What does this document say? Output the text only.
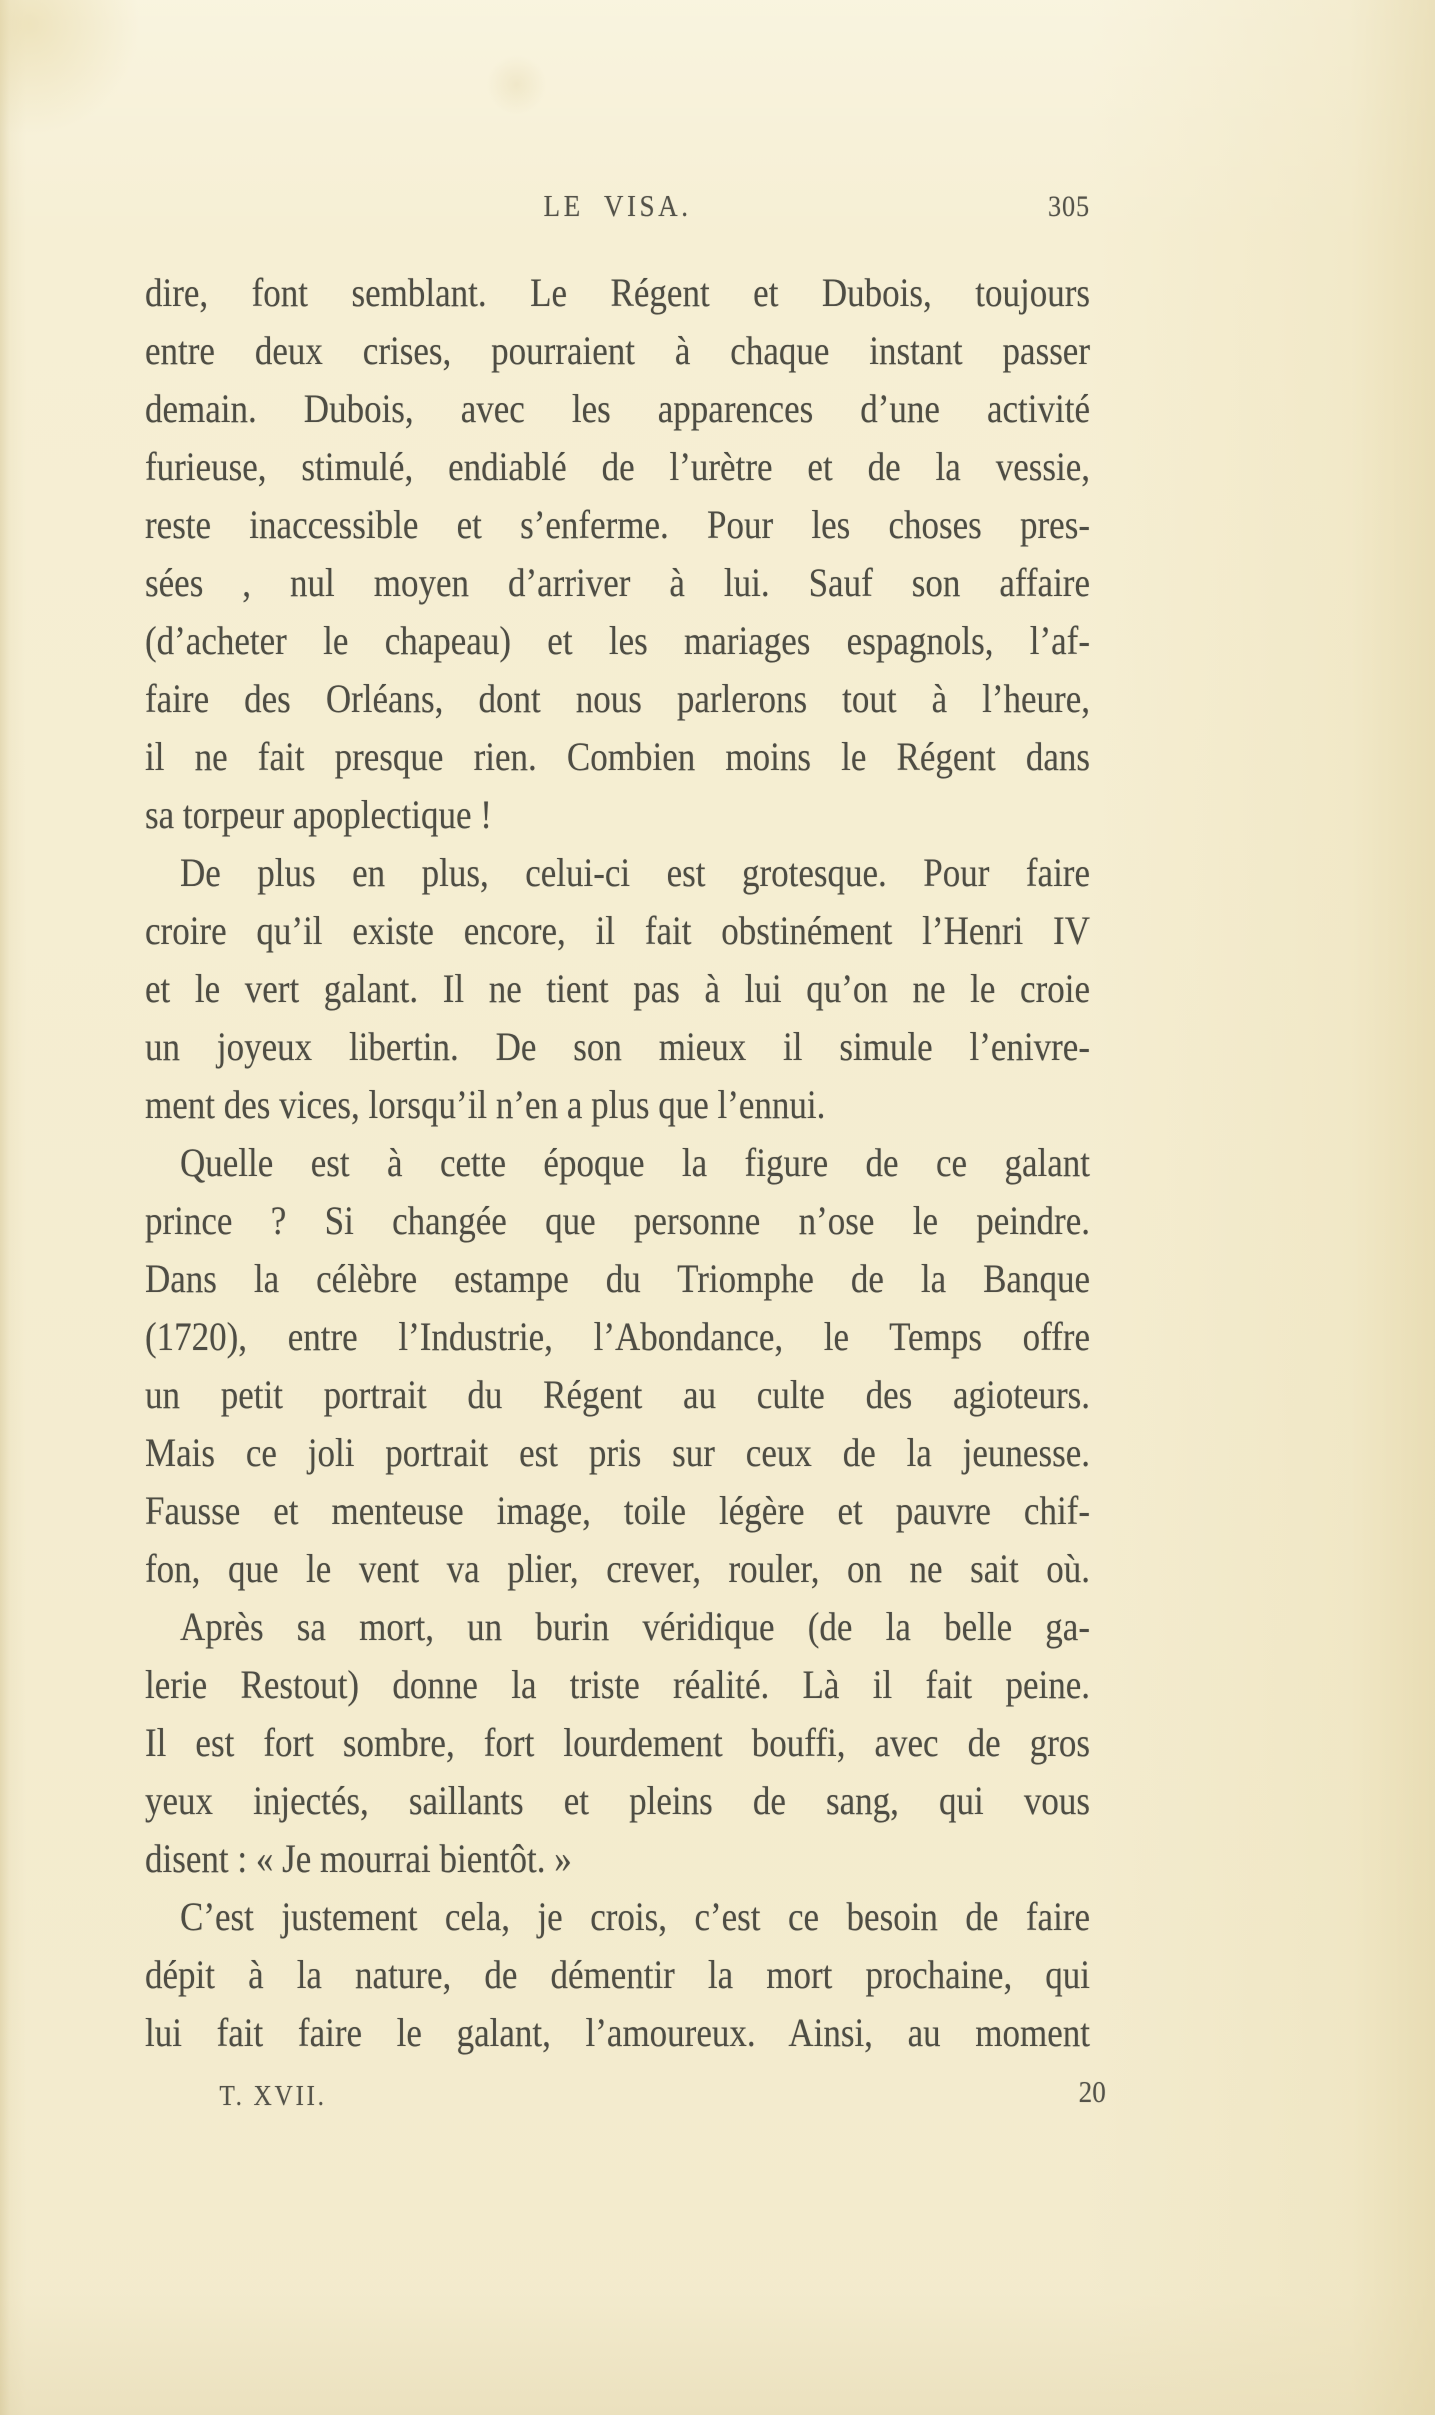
LE VISA.	305
dire, font semblant. Le Régent et Dubois, toujours
entre deux crises, pourraient à chaque instant passer
demain. Dubois, avec les apparences d’une activité
furieuse, stimulé, endiablé de l’urètre et de la vessie,
reste inaccessible et s’enferme. Pour les choses pres-
sées , nul moyen d’arriver à lui. Sauf son affaire
(d’acheter le chapeau) et les mariages espagnols, l’af-
faire des Orléans, dont nous parlerons tout à l’heure,
il ne fait presque rien. Combien moins le Régent dans
sa torpeur apoplectique !
De plus en plus, celui-ci est grotesque. Pour faire
croire qu’il existe encore, il fait obstinément l’Henri IV
et le vert galant. Il ne tient pas à lui qu’on ne le croie
un joyeux libertin. De son mieux il simule l’enivre-
ment des vices, lorsqu’il n’en a plus que l’ennui.
Quelle est à cette époque la figure de ce galant
prince ? Si changée que personne n’ose le peindre.
Dans la célèbre estampe du Triomphe de la Banque
(1720), entre l’Industrie, l’Abondance, le Temps offre
un petit portrait du Régent au culte des agioteurs.
Mais ce joli portrait est pris sur ceux de la jeunesse.
Fausse et menteuse image, toile légère et pauvre chif-
fon, que le vent va plier, crever, rouler, on ne sait où.
Après sa mort, un burin véridique (de la belle ga-
lerie Restout) donne la triste réalité. Là il fait peine.
Il est fort sombre, fort lourdement bouffi, avec de gros
yeux injectés, saillants et pleins de sang, qui vous
disent : « Je mourrai bientôt. »
C’est justement cela, je crois, c’est ce besoin de faire
dépit à la nature, de démentir la mort prochaine, qui
lui fait faire le galant, l’amoureux. Ainsi, au moment
T. XVII.	20
